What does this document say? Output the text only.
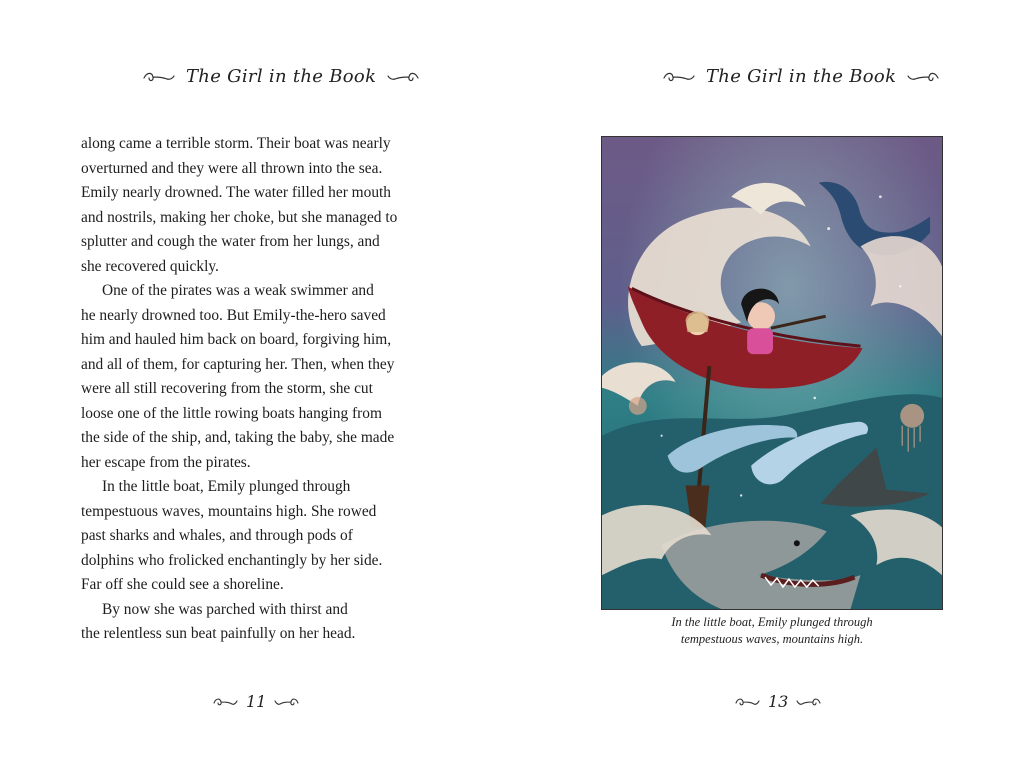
The Girl in the Book
along came a terrible storm. Their boat was nearly
overturned and they were all thrown into the sea.
Emily nearly drowned. The water filled her mouth
and nostrils, making her choke, but she managed to
splutter and cough the water from her lungs, and
she recovered quickly.
One of the pirates was a weak swimmer and
he nearly drowned too. But Emily-the-hero saved
him and hauled him back on board, forgiving him,
and all of them, for capturing her. Then, when they
were all still recovering from the storm, she cut
loose one of the little rowing boats hanging from
the side of the ship, and, taking the baby, she made
her escape from the pirates.
In the little boat, Emily plunged through
tempestuous waves, mountains high. She rowed
past sharks and whales, and through pods of
dolphins who frolicked enchantingly by her side.
Far off she could see a shoreline.
By now she was parched with thirst and
the relentless sun beat painfully on her head.
11
The Girl in the Book
In the little boat, Emily plunged through
tempestuous waves, mountains high.
13
